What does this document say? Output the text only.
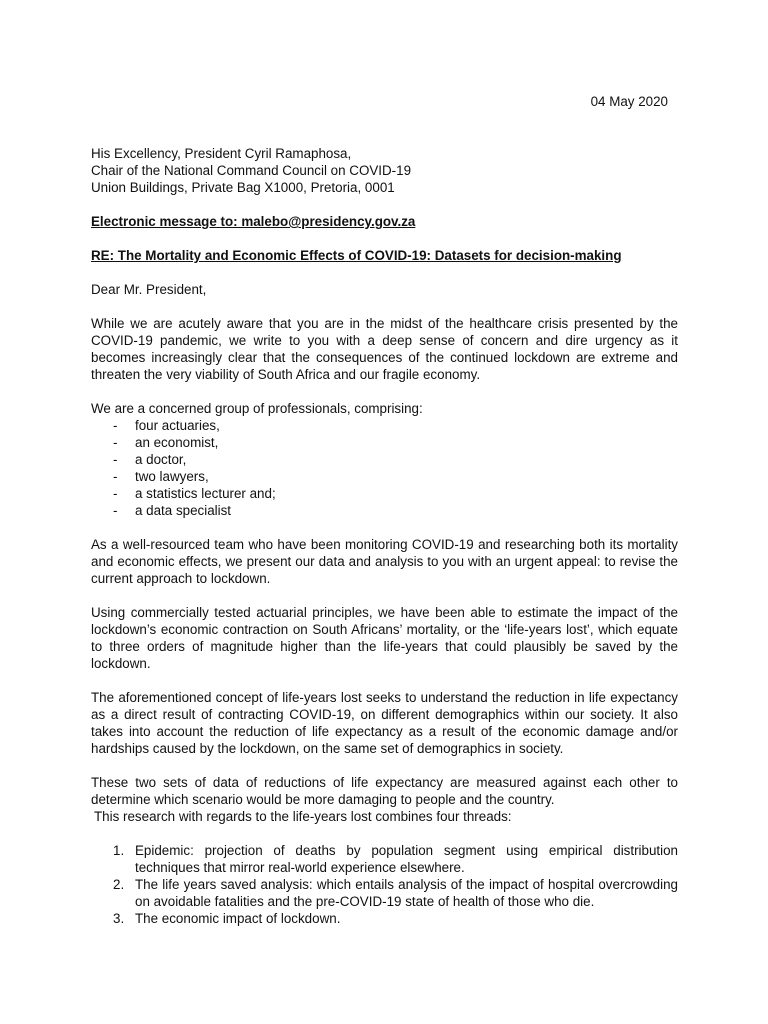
04 May 2020

His Excellency, President Cyril Ramaphosa,

Chair of the National Command Council on COVID-19

Union Buildings, Private Bag X1000, Pretoria, 0001

Electronic message to: malebo@presidency.gov.za

RE: The Mortality and Economic Effects of COVID-19: Datasets for decision-making

Dear Mr. President,

While we are acutely aware that you are in the midst of the healthcare crisis presented by the COVID-19 pandemic, we write to you with a deep sense of concern and dire urgency as it becomes increasingly clear that the consequences of the continued lockdown are extreme and threaten the very viability of South Africa and our fragile economy.

We are a concerned group of professionals, comprising:

- four actuaries,
- an economist,
- a doctor,
- two lawyers,
- a statistics lecturer and;
- a data specialist

As a well-resourced team who have been monitoring COVID-19 and researching both its mortality and economic effects, we present our data and analysis to you with an urgent appeal: to revise the current approach to lockdown.

Using commercially tested actuarial principles, we have been able to estimate the impact of the lockdown’s economic contraction on South Africans’ mortality, or the ‘life-years lost’, which equate to three orders of magnitude higher than the life-years that could plausibly be saved by the lockdown.

The aforementioned concept of life-years lost seeks to understand the reduction in life expectancy as a direct result of contracting COVID-19, on different demographics within our society. It also takes into account the reduction of life expectancy as a result of the economic damage and/or hardships caused by the lockdown, on the same set of demographics in society.

These two sets of data of reductions of life expectancy are measured against each other to determine which scenario would be more damaging to people and the country.

This research with regards to the life-years lost combines four threads:

1. Epidemic: projection of deaths by population segment using empirical distribution techniques that mirror real-world experience elsewhere.
2. The life years saved analysis: which entails analysis of the impact of hospital overcrowding on avoidable fatalities and the pre-COVID-19 state of health of those who die.
3. The economic impact of lockdown.
